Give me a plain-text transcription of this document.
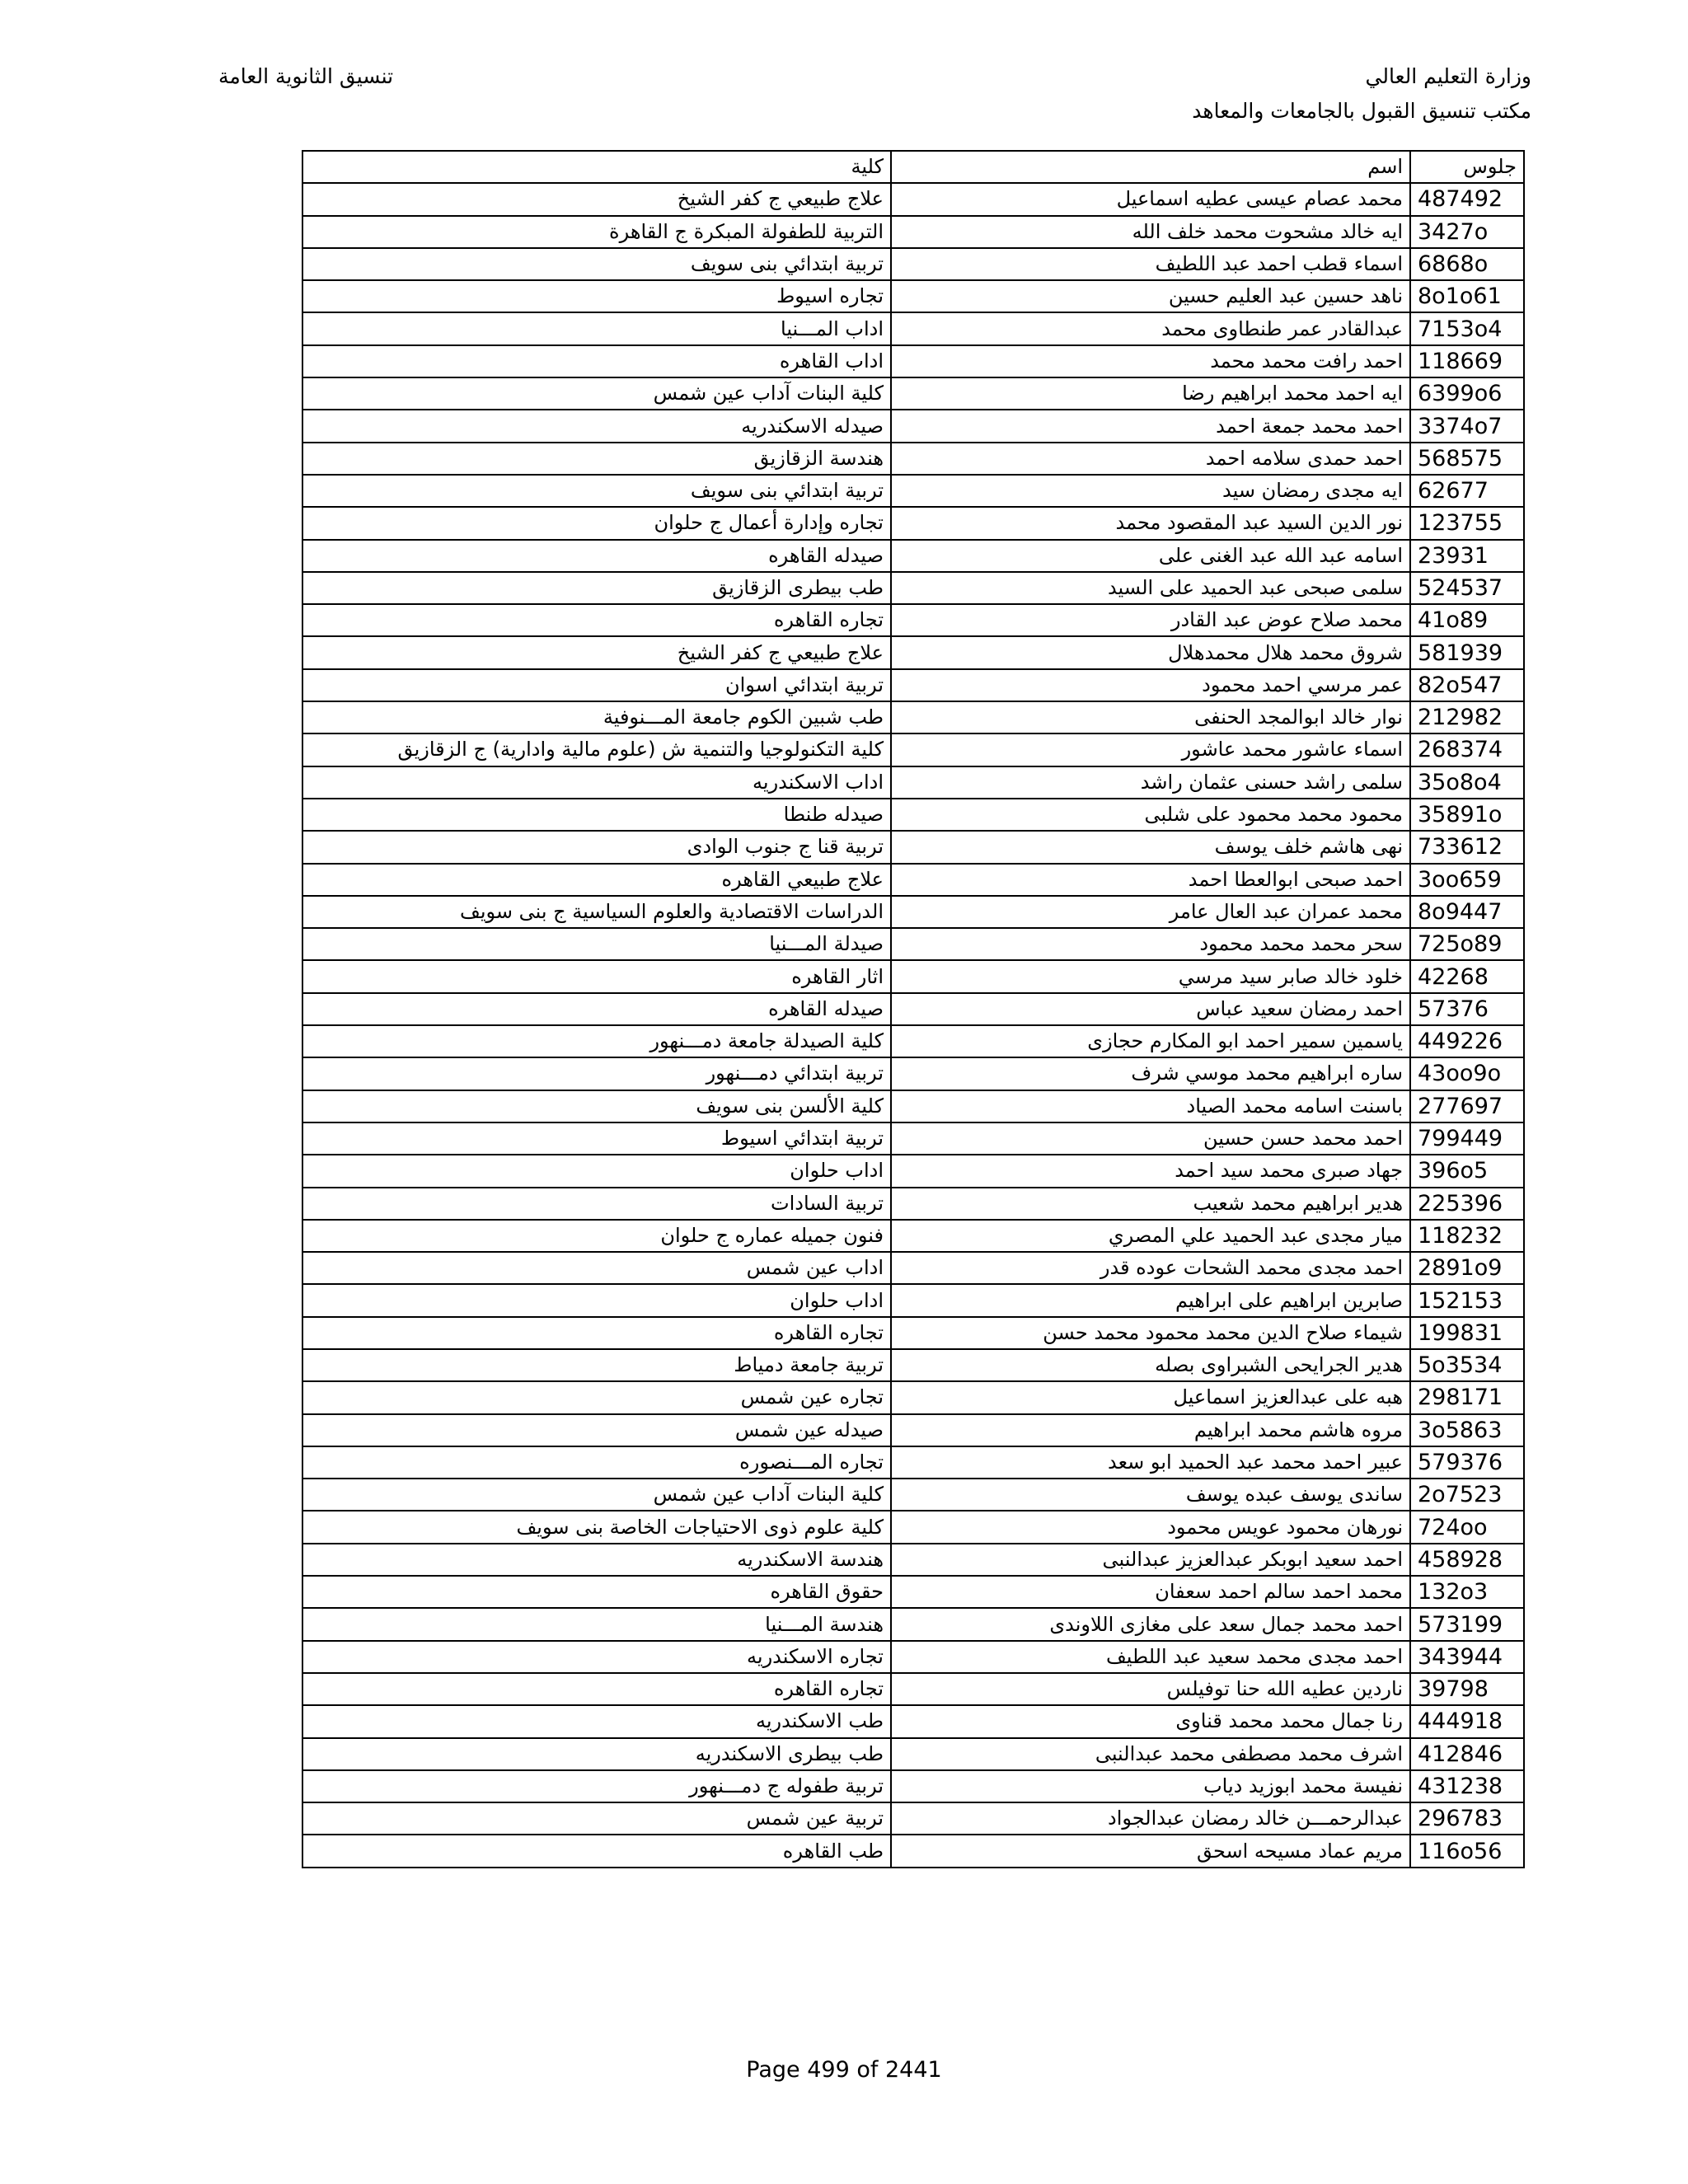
وزارة التعليم العالي
مكتب تنسيق القبول بالجامعات والمعاهد
تنسيق الثانوية العامة
جلوس	اسم	كلية
487492	محمد عصام عيسى عطيه اسماعيل	علاج طبيعي ج كفر الشيخ
3427o	ايه خالد مشحوت محمد خلف الله	التربية للطفولة المبكرة ج القاهرة
6868o	اسماء قطب احمد عبد اللطيف	تربية ابتدائي بنى سويف
8o1o61	ناهد حسين عبد العليم حسين	تجاره اسيوط
7153o4	عبدالقادر عمر طنطاوى محمد	اداب المـــنيا
118669	احمد رافت محمد محمد	اداب القاهره
6399o6	ايه احمد محمد ابراهيم رضا	كلية البنات آداب عين شمس
3374o7	احمد محمد جمعة احمد	صيدله الاسكندريه
568575	احمد حمدى سلامه احمد	هندسة الزقازيق
62677	ايه مجدى رمضان سيد	تربية ابتدائي بنى سويف
123755	نور الدين السيد عبد المقصود محمد	تجاره وإدارة أعمال ج حلوان
23931	اسامه عبد الله عبد الغنى على	صيدله القاهره
524537	سلمى صبحى عبد الحميد على السيد	طب بيطرى الزقازيق
41o89	محمد صلاح عوض عبد القادر	تجاره القاهره
581939	شروق محمد هلال محمدهلال	علاج طبيعي ج كفر الشيخ
82o547	عمر مرسي احمد محمود	تربية ابتدائي اسوان
212982	نوار خالد ابوالمجد الحنفى	طب شبين الكوم جامعة المـــنوفية
268374	اسماء عاشور محمد عاشور	كلية التكنولوجيا والتنمية ش (علوم مالية وادارية) ج الزقازيق
35o8o4	سلمى راشد حسنى عثمان راشد	اداب الاسكندريه
35891o	محمود محمد محمود على شلبى	صيدله طنطا
733612	نهى هاشم خلف يوسف	تربية قنا ج جنوب الوادى
3oo659	احمد صبحى ابوالعطا احمد	علاج طبيعي القاهره
8o9447	محمد عمران عبد العال عامر	الدراسات الاقتصادية والعلوم السياسية ج بنى سويف
725o89	سحر محمد محمد محمود	صيدلة المـــنيا
42268	خلود خالد صابر سيد مرسي	اثار القاهره
57376	احمد رمضان سعيد عباس	صيدله القاهره
449226	ياسمين سمير احمد ابو المكارم حجازى	كلية الصيدلة جامعة دمـــنهور
43oo9o	ساره ابراهيم محمد موسي شرف	تربية ابتدائي دمـــنهور
277697	باسنت اسامه محمد الصياد	كلية الألسن بنى سويف
799449	احمد محمد حسن حسين	تربية ابتدائي اسيوط
396o5	جهاد صبرى محمد سيد احمد	اداب حلوان
225396	هدير ابراهيم محمد شعيب	تربية السادات
118232	ميار مجدى عبد الحميد علي المصري	فنون جميله عماره ج حلوان
2891o9	احمد مجدى محمد الشحات عوده قدر	اداب عين شمس
152153	صابرين ابراهيم على ابراهيم	اداب حلوان
199831	شيماء صلاح الدين محمد محمود محمد حسن	تجاره القاهره
5o3534	هدير الجرايحى الشبراوى بصله	تربية جامعة دمياط
298171	هبه على عبدالعزيز اسماعيل	تجاره عين شمس
3o5863	مروه هاشم محمد ابراهيم	صيدله عين شمس
579376	عبير احمد محمد عبد الحميد ابو سعد	تجاره المـــنصوره
2o7523	ساندى يوسف عبده يوسف	كلية البنات آداب عين شمس
724oo	نورهان محمود عويس محمود	كلية علوم ذوى الاحتياجات الخاصة بنى سويف
458928	احمد سعيد ابوبكر عبدالعزيز عبدالنبى	هندسة الاسكندريه
132o3	محمد احمد سالم احمد سعفان	حقوق القاهره
573199	احمد محمد جمال سعد على مغازى اللاوندى	هندسة المـــنيا
343944	احمد مجدى محمد سعيد عبد اللطيف	تجاره الاسكندريه
39798	ناردين عطيه الله حنا توفيلس	تجاره القاهره
444918	رنا جمال محمد محمد قناوى	طب الاسكندريه
412846	اشرف محمد مصطفى محمد عبدالنبى	طب بيطرى الاسكندريه
431238	نفيسة محمد ابوزيد دياب	تربية طفوله ج دمـــنهور
296783	عبدالرحمـــن خالد رمضان عبدالجواد	تربية عين شمس
116o56	مريم عماد مسيحه اسحق	طب القاهره
Page 499 of 2441
